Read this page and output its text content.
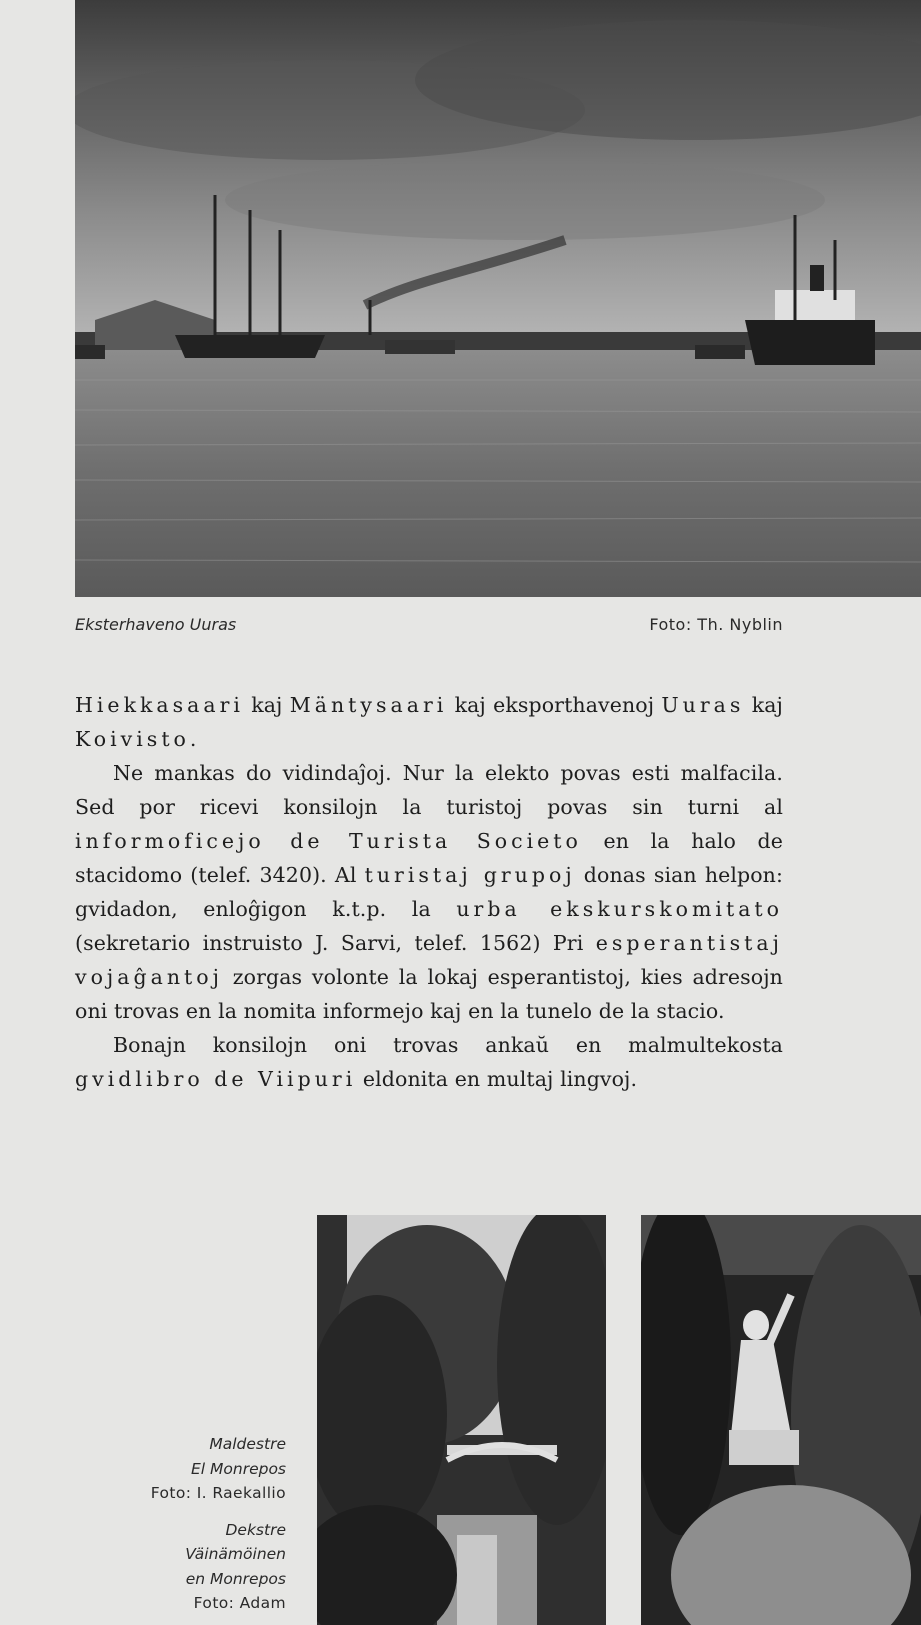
Eksterhaveno Uuras	Foto: Th. Nyblin

Hiekkasaari kaj Mäntysaari kaj eksporthavenoj Uuras kaj Koivisto.

Ne mankas do vidindaĵoj. Nur la elekto povas esti malfacila. Sed por ricevi konsilojn la turistoj povas sin turni al informoficejo de Turista Societo en la halo de stacidomo (telef. 3420). Al turistaj grupoj donas sian helpon: gvidadon, enloĝigon k.t.p. la urba ekskurskomitato (sekretario instruisto J. Sarvi, telef. 1562) Pri esperantistaj vojaĝantoj zorgas volonte la lokaj esperantistoj, kies adresojn oni trovas en la nomita informejo kaj en la tunelo de la stacio.

Bonajn konsilojn oni trovas ankaŭ en malmultekosta gvidlibro de Viipuri eldonita en multaj lingvoj.

Maldestre
El Monrepos
Foto: I. Raekallio
Dekstre
Väinämöinen
en Monrepos
Foto: Adam
